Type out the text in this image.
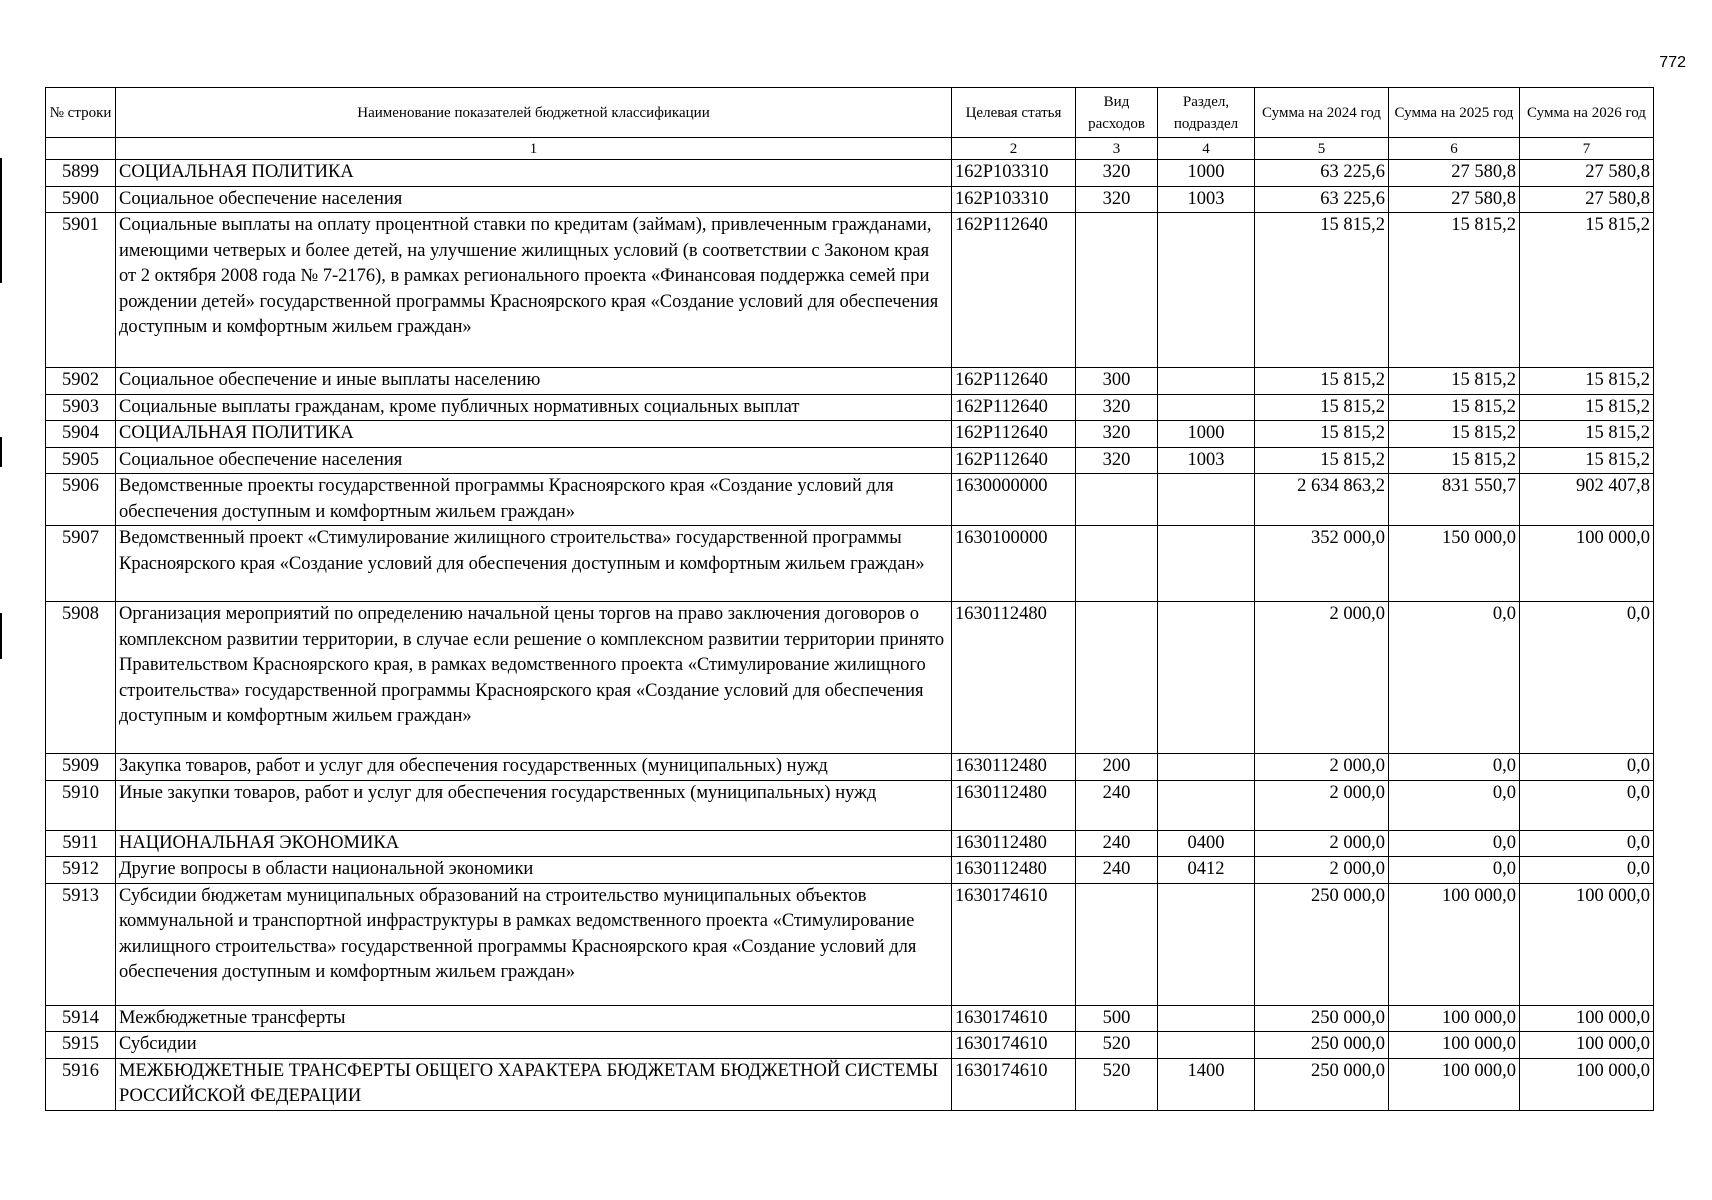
772
№ строки	Наименование показателей бюджетной классификации	Целевая статья	Вид расходов	Раздел, подраздел	Сумма на 2024 год	Сумма на 2025 год	Сумма на 2026 год
	1	2	3	4	5	6	7
5899	СОЦИАЛЬНАЯ ПОЛИТИКА	162P103310	320	1000	63 225,6	27 580,8	27 580,8
5900	Социальное обеспечение населения	162P103310	320	1003	63 225,6	27 580,8	27 580,8
5901	Социальные выплаты на оплату процентной ставки по кредитам (займам), привлеченным гражданами, имеющими четверых и более детей, на улучшение жилищных условий (в соответствии с Законом края от 2 октября 2008 года № 7-2176), в рамках регионального проекта «Финансовая поддержка семей при рождении детей» государственной программы Красноярского края «Создание условий для обеспечения доступным и комфортным жильем граждан»	162P112640			15 815,2	15 815,2	15 815,2
5902	Социальное обеспечение и иные выплаты населению	162P112640	300		15 815,2	15 815,2	15 815,2
5903	Социальные выплаты гражданам, кроме публичных нормативных социальных выплат	162P112640	320		15 815,2	15 815,2	15 815,2
5904	СОЦИАЛЬНАЯ ПОЛИТИКА	162P112640	320	1000	15 815,2	15 815,2	15 815,2
5905	Социальное обеспечение населения	162P112640	320	1003	15 815,2	15 815,2	15 815,2
5906	Ведомственные проекты государственной программы Красноярского края «Создание условий для обеспечения доступным и комфортным жильем граждан»	1630000000			2 634 863,2	831 550,7	902 407,8
5907	Ведомственный проект «Стимулирование жилищного строительства» государственной программы Красноярского края «Создание условий для обеспечения доступным и комфортным жильем граждан»	1630100000			352 000,0	150 000,0	100 000,0
5908	Организация мероприятий по определению начальной цены торгов на право заключения договоров о комплексном развитии территории, в случае если решение о комплексном развитии территории принято Правительством Красноярского края, в рамках ведомственного проекта «Стимулирование жилищного строительства» государственной программы Красноярского края «Создание условий для обеспечения доступным и комфортным жильем граждан»	1630112480			2 000,0	0,0	0,0
5909	Закупка товаров, работ и услуг для обеспечения государственных (муниципальных) нужд	1630112480	200		2 000,0	0,0	0,0
5910	Иные закупки товаров, работ и услуг для обеспечения государственных (муниципальных) нужд	1630112480	240		2 000,0	0,0	0,0
5911	НАЦИОНАЛЬНАЯ ЭКОНОМИКА	1630112480	240	0400	2 000,0	0,0	0,0
5912	Другие вопросы в области национальной экономики	1630112480	240	0412	2 000,0	0,0	0,0
5913	Субсидии бюджетам муниципальных образований на строительство муниципальных объектов коммунальной и транспортной инфраструктуры в рамках ведомственного проекта «Стимулирование жилищного строительства» государственной программы Красноярского края «Создание условий для обеспечения доступным и комфортным жильем граждан»	1630174610			250 000,0	100 000,0	100 000,0
5914	Межбюджетные трансферты	1630174610	500		250 000,0	100 000,0	100 000,0
5915	Субсидии	1630174610	520		250 000,0	100 000,0	100 000,0
5916	МЕЖБЮДЖЕТНЫЕ ТРАНСФЕРТЫ ОБЩЕГО ХАРАКТЕРА БЮДЖЕТАМ БЮДЖЕТНОЙ СИСТЕМЫ РОССИЙСКОЙ ФЕДЕРАЦИИ	1630174610	520	1400	250 000,0	100 000,0	100 000,0
